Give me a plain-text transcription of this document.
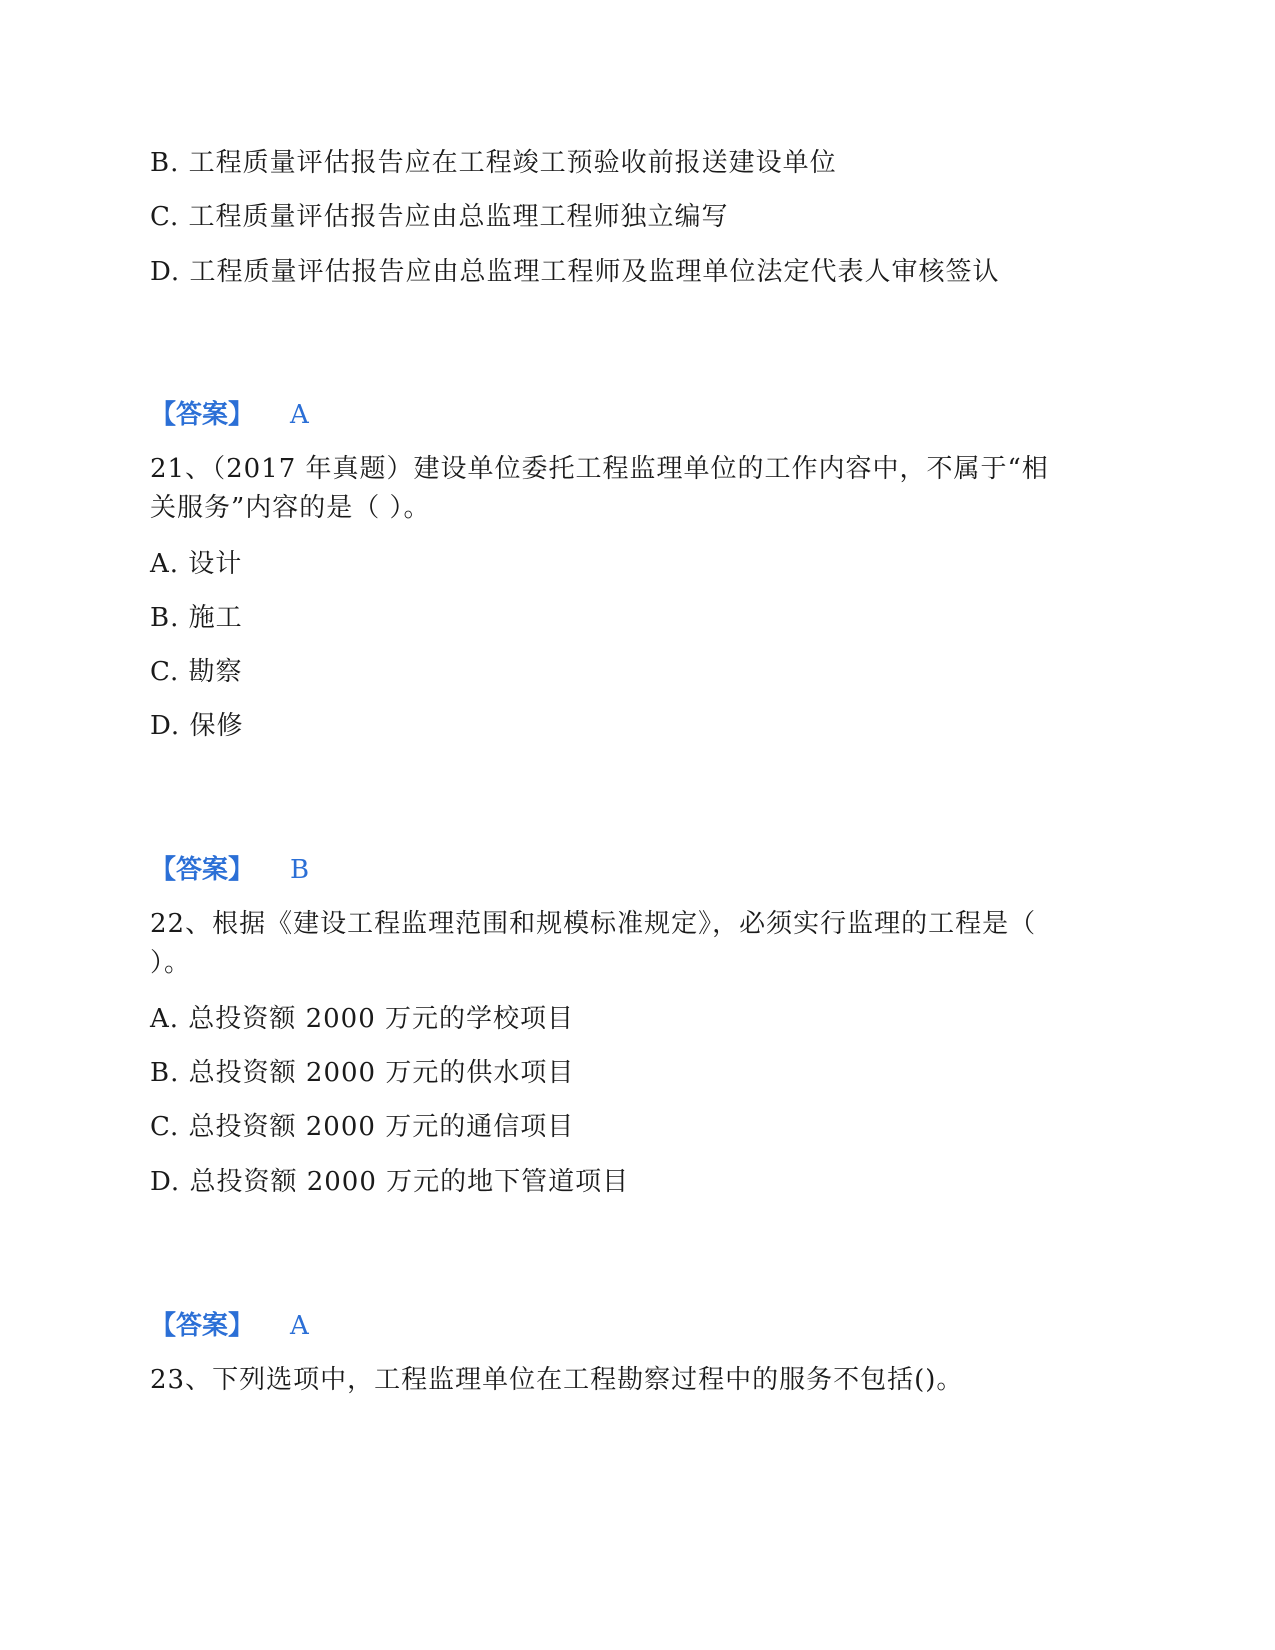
B. 工程质量评估报告应在工程竣工预验收前报送建设单位
C. 工程质量评估报告应由总监理工程师独立编写
D. 工程质量评估报告应由总监理工程师及监理单位法定代表人审核签认
【答案】 A
21、（2017 年真题）建设单位委托工程监理单位的工作内容中，不属于“相
关服务”内容的是（ ）。
A. 设计
B. 施工
C. 勘察
D. 保修
【答案】 B
22、根据《建设工程监理范围和规模标准规定》，必须实行监理的工程是（
）。
A. 总投资额 2000 万元的学校项目
B. 总投资额 2000 万元的供水项目
C. 总投资额 2000 万元的通信项目
D. 总投资额 2000 万元的地下管道项目
【答案】 A
23、下列选项中，工程监理单位在工程勘察过程中的服务不包括()。
